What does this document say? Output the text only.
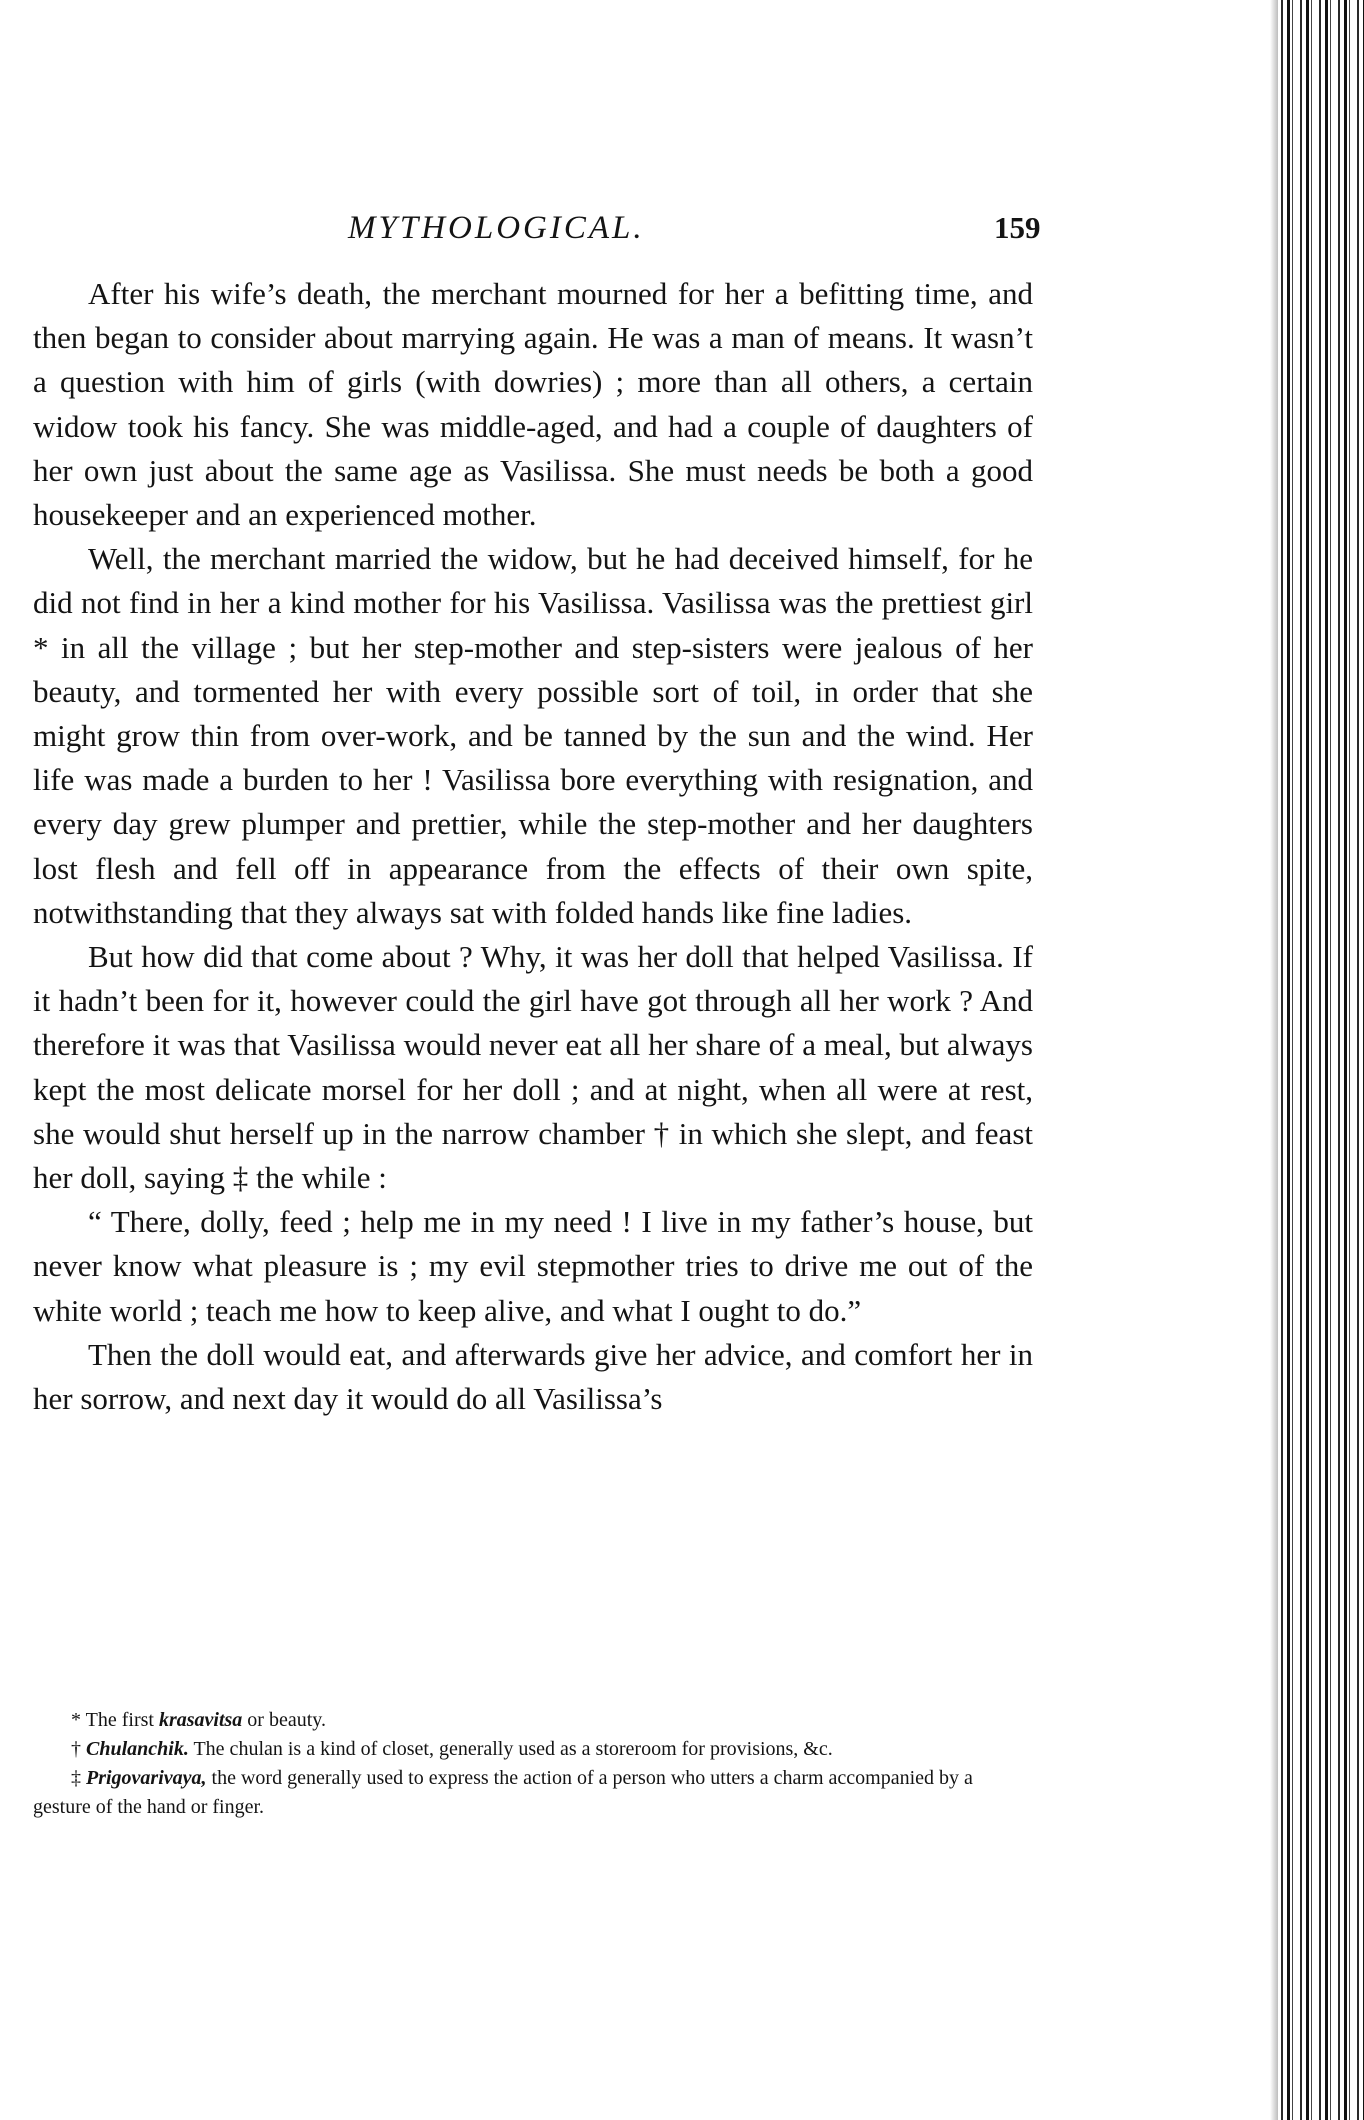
MYTHOLOGICAL.	159

After his wife’s death, the merchant mourned for her a befitting time, and then began to consider about marrying again. He was a man of means. It wasn’t a question with him of girls (with dowries) ; more than all others, a certain widow took his fancy. She was middle-aged, and had a couple of daughters of her own just about the same age as Vasilissa. She must needs be both a good housekeeper and an experienced mother.

Well, the merchant married the widow, but he had deceived himself, for he did not find in her a kind mother for his Vasilissa. Vasilissa was the prettiest girl * in all the village ; but her step-mother and step-sisters were jealous of her beauty, and tormented her with every possible sort of toil, in order that she might grow thin from over-work, and be tanned by the sun and the wind. Her life was made a burden to her ! Vasilissa bore everything with resignation, and every day grew plumper and prettier, while the step-mother and her daughters lost flesh and fell off in appearance from the effects of their own spite, notwithstanding that they always sat with folded hands like fine ladies.

But how did that come about ? Why, it was her doll that helped Vasilissa. If it hadn’t been for it, however could the girl have got through all her work ? And therefore it was that Vasilissa would never eat all her share of a meal, but always kept the most delicate morsel for her doll ; and at night, when all were at rest, she would shut herself up in the narrow chamber † in which she slept, and feast her doll, saying ‡ the while :

“ There, dolly, feed ; help me in my need ! I live in my father’s house, but never know what pleasure is ; my evil stepmother tries to drive me out of the white world ; teach me how to keep alive, and what I ought to do.”

Then the doll would eat, and afterwards give her advice, and comfort her in her sorrow, and next day it would do all Vasilissa’s

* The first krasavitsa or beauty.

† Chulanchik. The chulan is a kind of closet, generally used as a storeroom for provisions, &c.

‡ Prigovarivaya, the word generally used to express the action of a person who utters a charm accompanied by a gesture of the hand or finger.
